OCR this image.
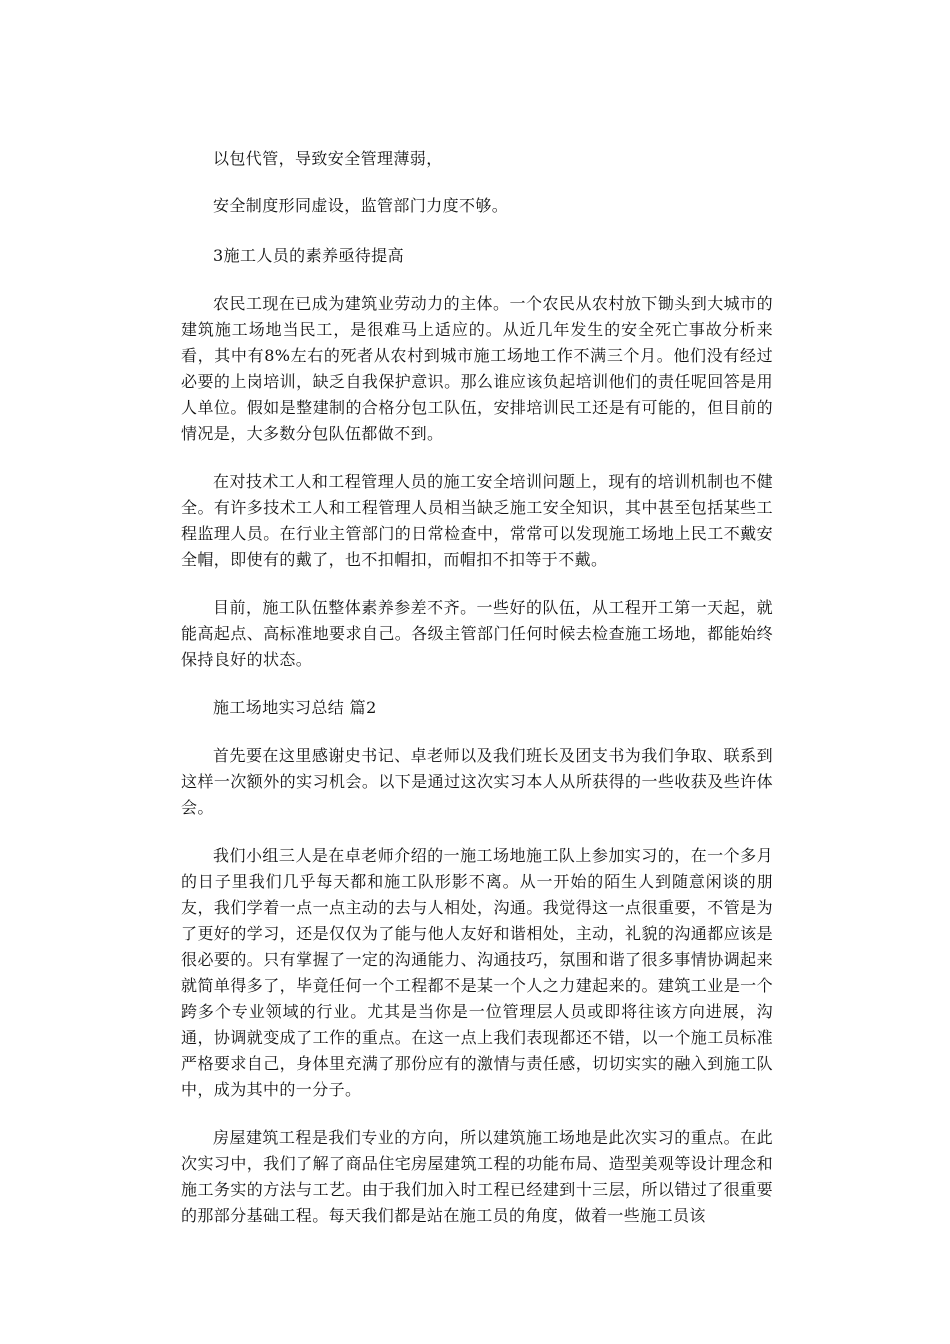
以包代管，导致安全管理薄弱，

安全制度形同虚设，监管部门力度不够。

3施工人员的素养亟待提高

农民工现在已成为建筑业劳动力的主体。一个农民从农村放下锄头到大城市的建筑施工场地当民工，是很难马上适应的。从近几年发生的安全死亡事故分析来看，其中有8%左右的死者从农村到城市施工场地工作不满三个月。他们没有经过必要的上岗培训，缺乏自我保护意识。那么谁应该负起培训他们的责任呢回答是用人单位。假如是整建制的合格分包工队伍，安排培训民工还是有可能的，但目前的情况是，大多数分包队伍都做不到。

在对技术工人和工程管理人员的施工安全培训问题上，现有的培训机制也不健全。有许多技术工人和工程管理人员相当缺乏施工安全知识，其中甚至包括某些工程监理人员。在行业主管部门的日常检查中，常常可以发现施工场地上民工不戴安全帽，即使有的戴了，也不扣帽扣，而帽扣不扣等于不戴。

目前，施工队伍整体素养参差不齐。一些好的队伍，从工程开工第一天起，就能高起点、高标准地要求自己。各级主管部门任何时候去检查施工场地，都能始终保持良好的状态。

施工场地实习总结 篇2

首先要在这里感谢史书记、卓老师以及我们班长及团支书为我们争取、联系到这样一次额外的实习机会。以下是通过这次实习本人从所获得的一些收获及些许体会。

我们小组三人是在卓老师介绍的一施工场地施工队上参加实习的，在一个多月的日子里我们几乎每天都和施工队形影不离。从一开始的陌生人到随意闲谈的朋友，我们学着一点一点主动的去与人相处，沟通。我觉得这一点很重要，不管是为了更好的学习，还是仅仅为了能与他人友好和谐相处，主动，礼貌的沟通都应该是很必要的。只有掌握了一定的沟通能力、沟通技巧，氛围和谐了很多事情协调起来就简单得多了，毕竟任何一个工程都不是某一个人之力建起来的。建筑工业是一个跨多个专业领域的行业。尤其是当你是一位管理层人员或即将往该方向进展，沟通，协调就变成了工作的重点。在这一点上我们表现都还不错，以一个施工员标准严格要求自己，身体里充满了那份应有的激情与责任感，切切实实的融入到施工队中，成为其中的一分子。

房屋建筑工程是我们专业的方向，所以建筑施工场地是此次实习的重点。在此次实习中，我们了解了商品住宅房屋建筑工程的功能布局、造型美观等设计理念和施工务实的方法与工艺。由于我们加入时工程已经建到十三层，所以错过了很重要的那部分基础工程。每天我们都是站在施工员的角度，做着一些施工员该
